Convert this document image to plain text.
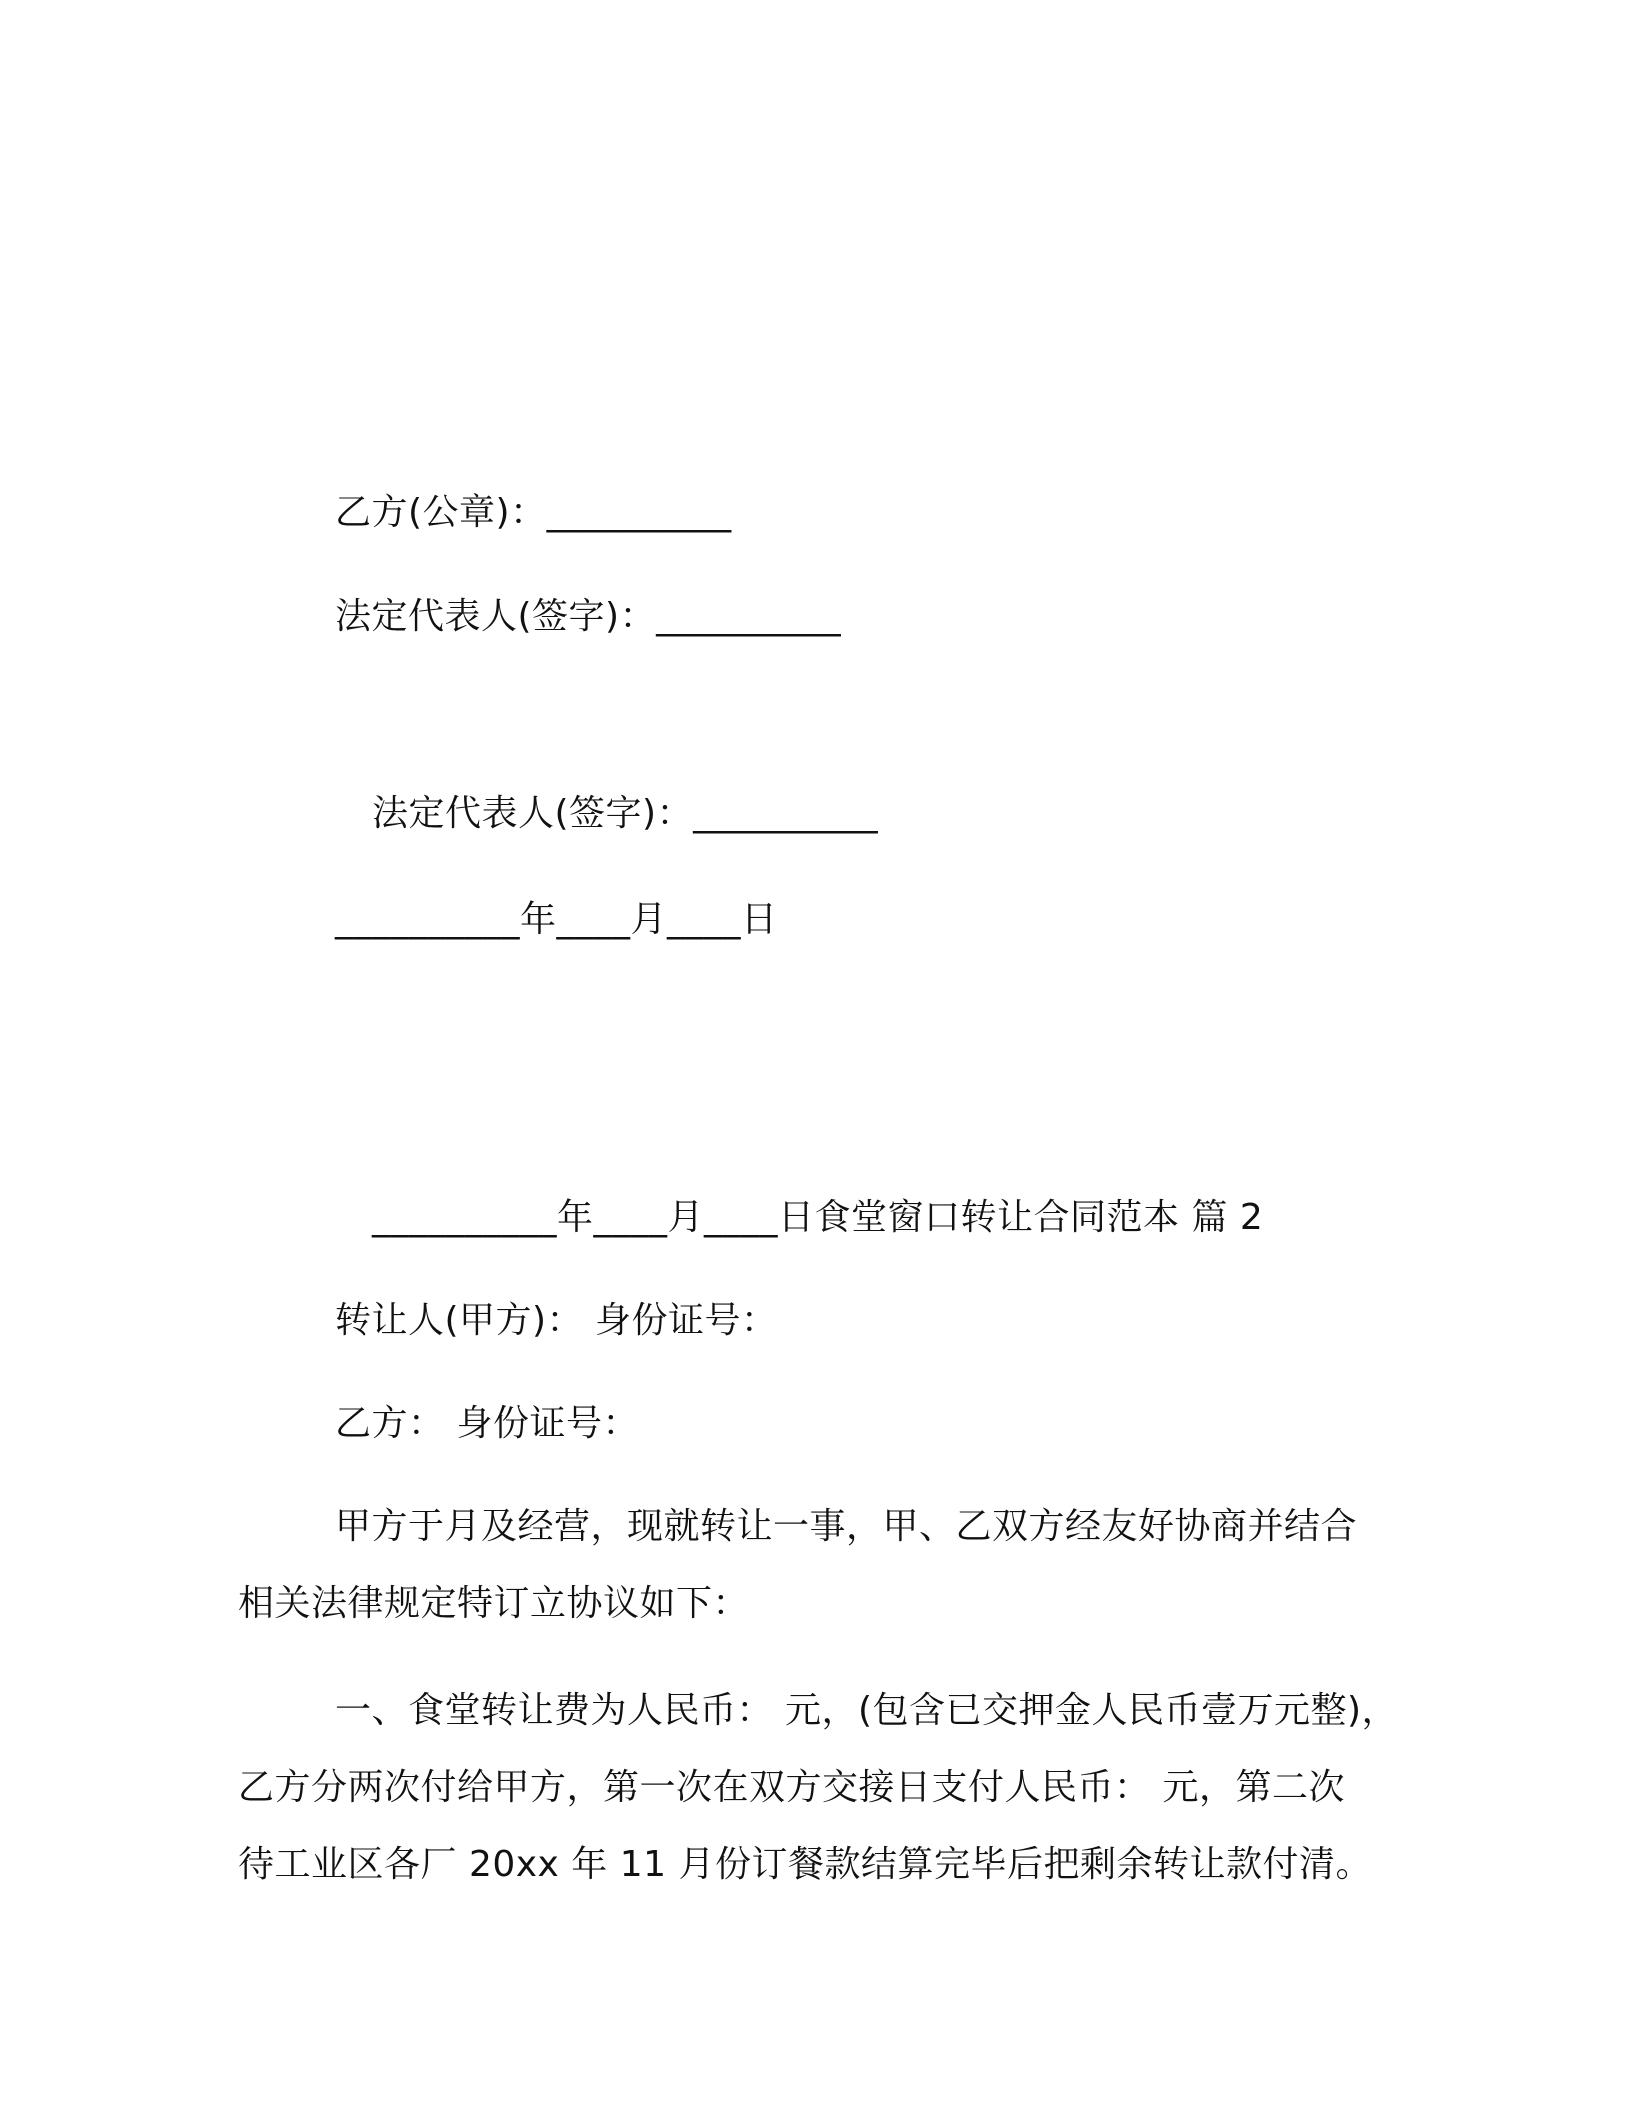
乙方(公章)：__________
法定代表人(签字)：__________
法定代表人(签字)：__________
__________年____月____日
__________年____月____日食堂窗口转让合同范本 篇 2
转让人(甲方)： 身份证号：
乙方： 身份证号：
甲方于月及经营，现就转让一事，甲、乙双方经友好协商并结合
相关法律规定特订立协议如下：
一、食堂转让费为人民币： 元，(包含已交押金人民币壹万元整)，
乙方分两次付给甲方，第一次在双方交接日支付人民币： 元，第二次
待工业区各厂 20xx 年 11 月份订餐款结算完毕后把剩余转让款付清。
